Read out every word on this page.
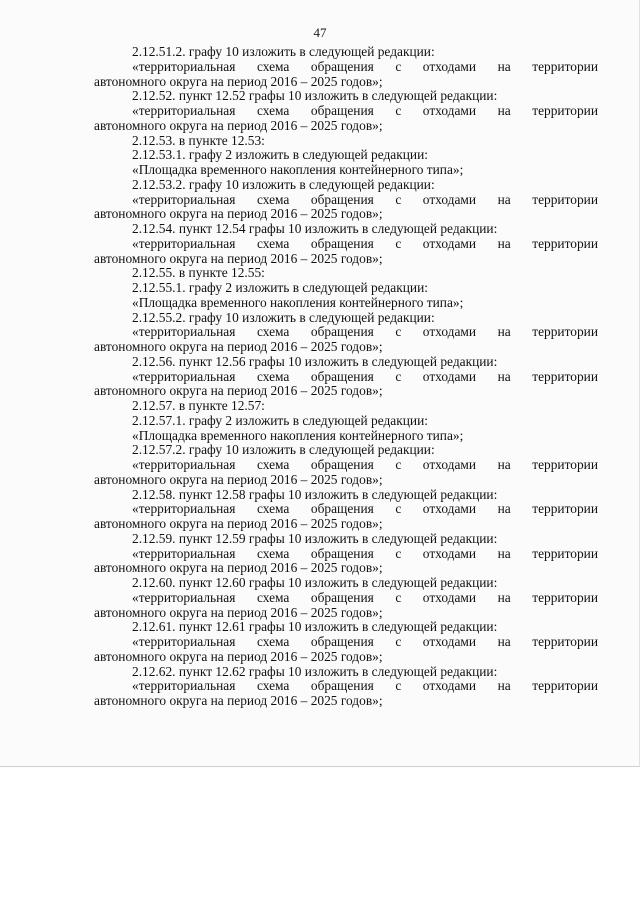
47
2.12.51.2. графу 10 изложить в следующей редакции:
«территориальная схема обращения с отходами на территории
автономного округа на период 2016 – 2025 годов»;
2.12.52. пункт 12.52 графы 10 изложить в следующей редакции:
«территориальная схема обращения с отходами на территории
автономного округа на период 2016 – 2025 годов»;
2.12.53. в пункте 12.53:
2.12.53.1. графу 2 изложить в следующей редакции:
«Площадка временного накопления контейнерного типа»;
2.12.53.2. графу 10 изложить в следующей редакции:
«территориальная схема обращения с отходами на территории
автономного округа на период 2016 – 2025 годов»;
2.12.54. пункт 12.54 графы 10 изложить в следующей редакции:
«территориальная схема обращения с отходами на территории
автономного округа на период 2016 – 2025 годов»;
2.12.55. в пункте 12.55:
2.12.55.1. графу 2 изложить в следующей редакции:
«Площадка временного накопления контейнерного типа»;
2.12.55.2. графу 10 изложить в следующей редакции:
«территориальная схема обращения с отходами на территории
автономного округа на период 2016 – 2025 годов»;
2.12.56. пункт 12.56 графы 10 изложить в следующей редакции:
«территориальная схема обращения с отходами на территории
автономного округа на период 2016 – 2025 годов»;
2.12.57. в пункте 12.57:
2.12.57.1. графу 2 изложить в следующей редакции:
«Площадка временного накопления контейнерного типа»;
2.12.57.2. графу 10 изложить в следующей редакции:
«территориальная схема обращения с отходами на территории
автономного округа на период 2016 – 2025 годов»;
2.12.58. пункт 12.58 графы 10 изложить в следующей редакции:
«территориальная схема обращения с отходами на территории
автономного округа на период 2016 – 2025 годов»;
2.12.59. пункт 12.59 графы 10 изложить в следующей редакции:
«территориальная схема обращения с отходами на территории
автономного округа на период 2016 – 2025 годов»;
2.12.60. пункт 12.60 графы 10 изложить в следующей редакции:
«территориальная схема обращения с отходами на территории
автономного округа на период 2016 – 2025 годов»;
2.12.61. пункт 12.61 графы 10 изложить в следующей редакции:
«территориальная схема обращения с отходами на территории
автономного округа на период 2016 – 2025 годов»;
2.12.62. пункт 12.62 графы 10 изложить в следующей редакции:
«территориальная схема обращения с отходами на территории
автономного округа на период 2016 – 2025 годов»;
